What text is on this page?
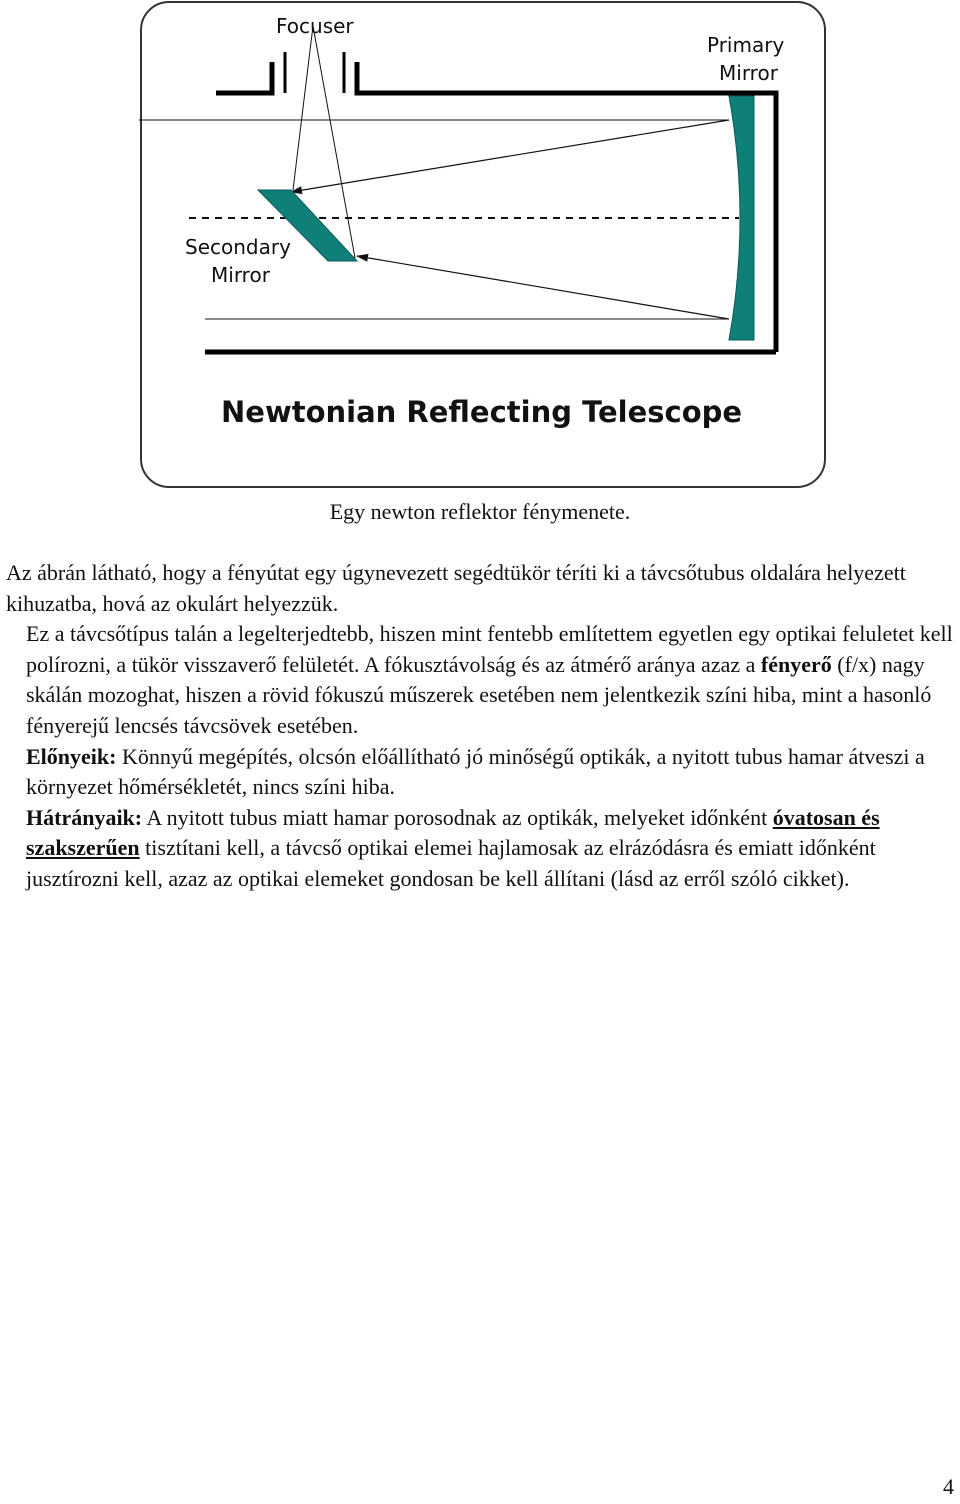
Focuser
Primary
Mirror
Secondary
Mirror
Newtonian Reflecting Telescope
Egy newton reflektor fénymenete.

Az ábrán látható, hogy a fényútat egy úgynevezett segédtükör téríti ki a távcsőtubus oldalára helyezett kihuzatba, hová az okulárt helyezzük.

Ez a távcsőtípus talán a legelterjedtebb, hiszen mint fentebb említettem egyetlen egy optikai feluletet kell polírozni, a tükör visszaverő felületét. A fókusztávolság és az átmérő aránya azaz a fényerő (f/x) nagy skálán mozoghat, hiszen a rövid fókuszú műszerek esetében nem jelentkezik színi hiba, mint a hasonló fényerejű lencsés távcsövek esetében.

Előnyeik: Könnyű megépítés, olcsón előállítható jó minőségű optikák, a nyitott tubus hamar átveszi a környezet hőmérsékletét, nincs színi hiba.

Hátrányaik: A nyitott tubus miatt hamar porosodnak az optikák, melyeket időnként óvatosan és szakszerűen tisztítani kell, a távcső optikai elemei hajlamosak az elrázódásra és emiatt időnként jusztírozni kell, azaz az optikai elemeket gondosan be kell állítani (lásd az erről szóló cikket).

4
